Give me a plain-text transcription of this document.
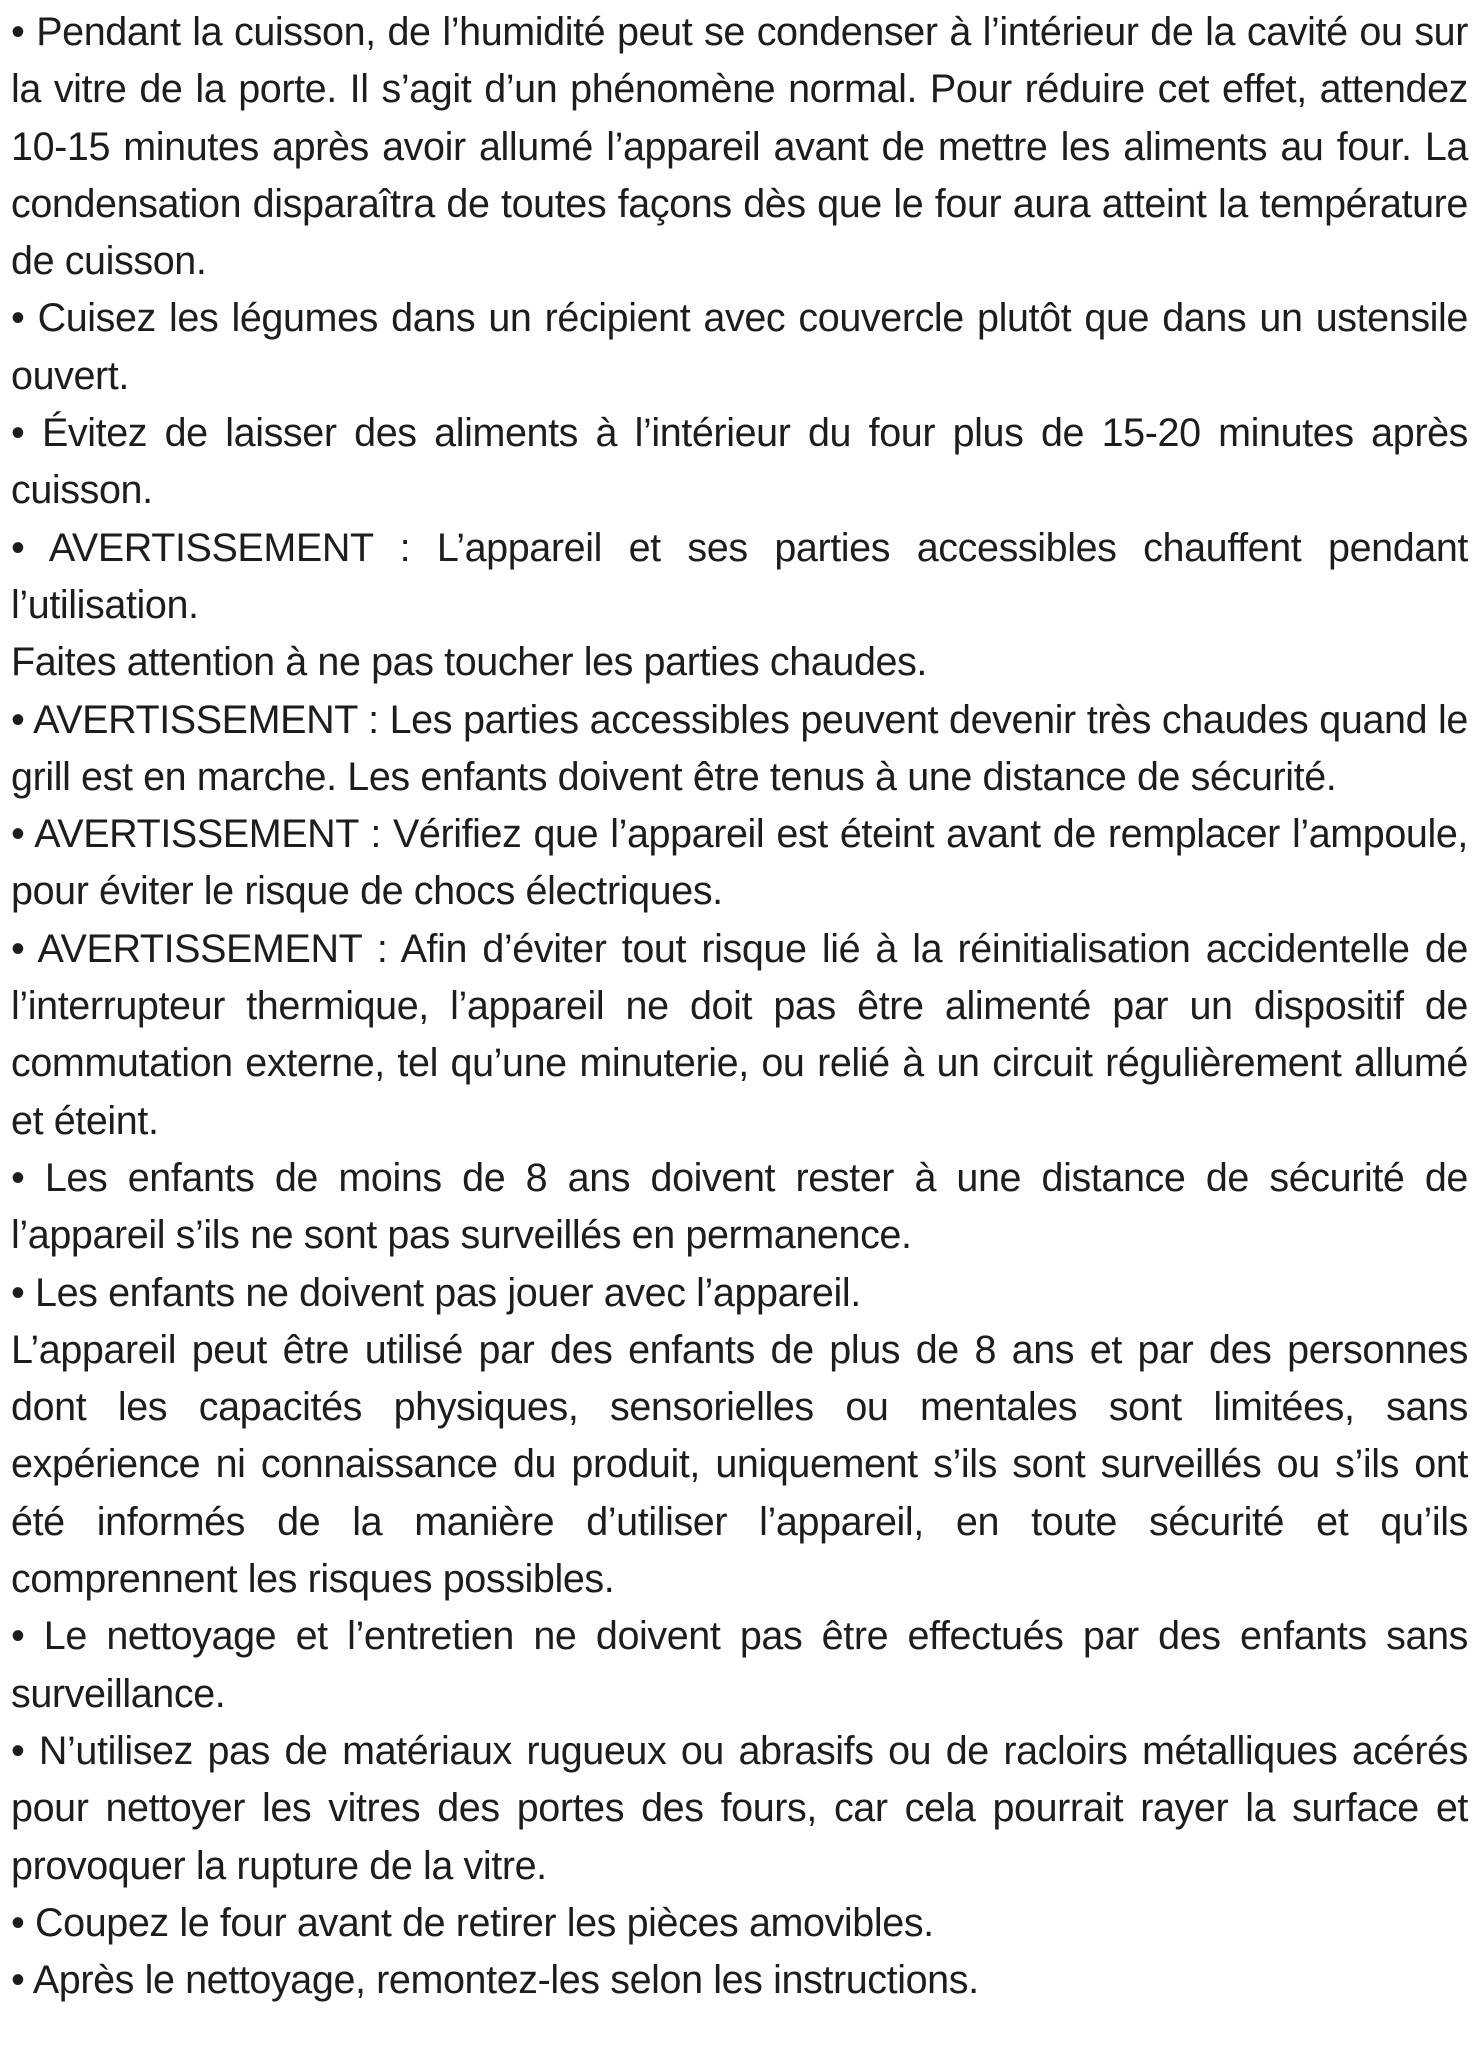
• Pendant la cuisson, de l’humidité peut se condenser à l’intérieur de la cavité ou sur la vitre de la porte. Il s’agit d’un phénomène normal. Pour réduire cet effet, attendez 10-15 minutes après avoir allumé l’appareil avant de mettre les aliments au four. La condensation disparaîtra de toutes façons dès que le four aura atteint la température de cuisson.

• Cuisez les légumes dans un récipient avec couvercle plutôt que dans un ustensile ouvert.

• Évitez de laisser des aliments à l’intérieur du four plus de 15-20 minutes après cuisson.

• AVERTISSEMENT : L’appareil et ses parties accessibles chauffent pendant l’utilisation.

Faites attention à ne pas toucher les parties chaudes.

• AVERTISSEMENT : Les parties accessibles peuvent devenir très chaudes quand le grill est en marche. Les enfants doivent être tenus à une distance de sécurité.

• AVERTISSEMENT : Vérifiez que l’appareil est éteint avant de remplacer l’ampoule, pour éviter le risque de chocs électriques.

• AVERTISSEMENT : Afin d’éviter tout risque lié à la réinitialisation accidentelle de l’interrupteur thermique, l’appareil ne doit pas être alimenté par un dispositif de commutation externe, tel qu’une minuterie, ou relié à un circuit régulièrement allumé et éteint.

• Les enfants de moins de 8 ans doivent rester à une distance de sécurité de l’appareil s’ils ne sont pas surveillés en permanence.

• Les enfants ne doivent pas jouer avec l’appareil.

L’appareil peut être utilisé par des enfants de plus de 8 ans et par des personnes dont les capacités physiques, sensorielles ou mentales sont limitées, sans expérience ni connaissance du produit, uniquement s’ils sont surveillés ou s’ils ont été informés de la manière d’utiliser l’appareil, en toute sécurité et qu’ils comprennent les risques possibles.

• Le nettoyage et l’entretien ne doivent pas être effectués par des enfants sans surveillance.

• N’utilisez pas de matériaux rugueux ou abrasifs ou de racloirs métalliques acérés pour nettoyer les vitres des portes des fours, car cela pourrait rayer la surface et provoquer la rupture de la vitre.

• Coupez le four avant de retirer les pièces amovibles.

• Après le nettoyage, remontez-les selon les instructions.
